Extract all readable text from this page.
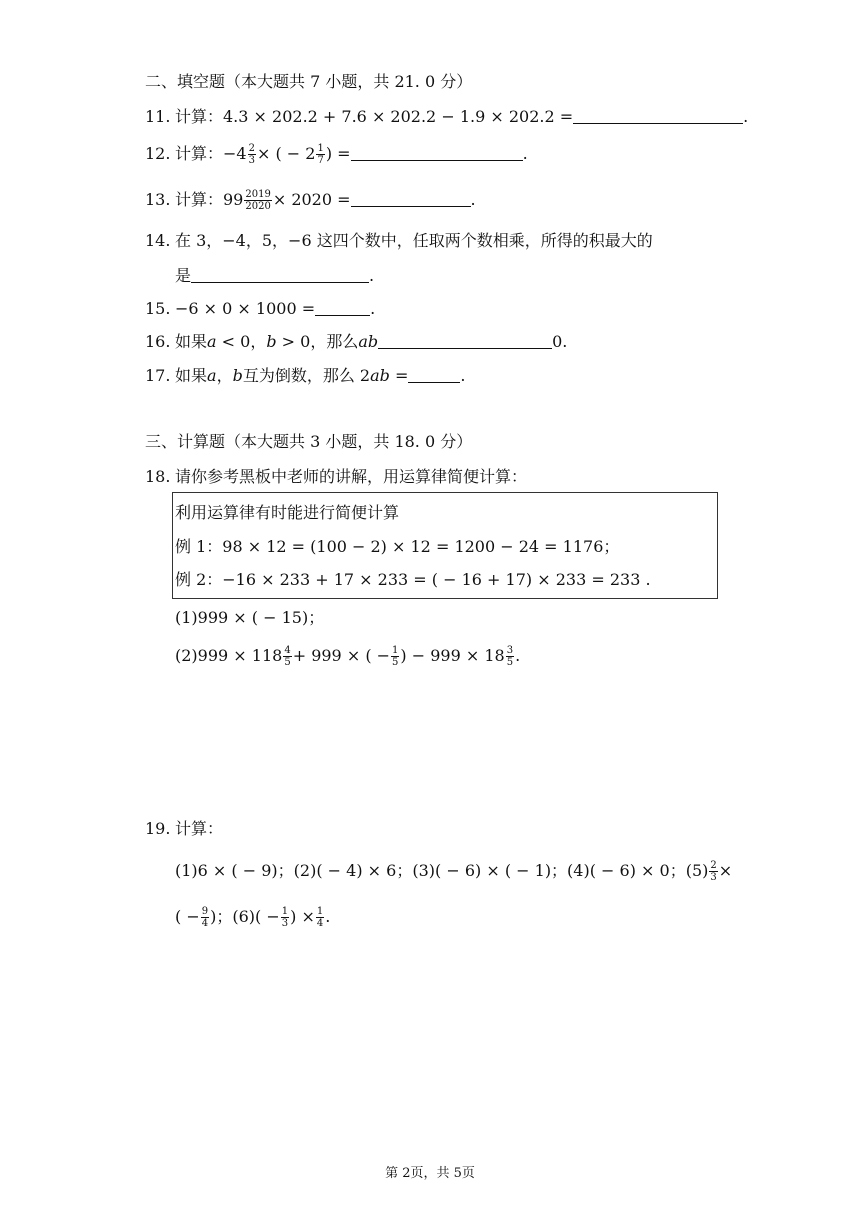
二、填空题（本大题共 7 小题，共 21. 0 分）
11. 计算：4.3 × 202.2 + 7.6 × 202.2 − 1.9 × 202.2 =	.
12. 计算：$-4 \frac{2}{3}$ × ( − $2 \frac{1}{7}$ ) =	.
13. 计算：$99 \frac{2019}{2020} \times 2020$ =	.
14. 在 3，−4，5，−6 这四个数中，任取两个数相乘，所得的积最大的
是	.
15. −6 × 0 × 1000 =	.
16. 如果a < 0，b > 0，那么ab	0.
17. 如果a，b互为倒数，那么 2ab =	.
三、计算题（本大题共 3 小题，共 18. 0 分）
18. 请你参考黑板中老师的讲解，用运算律简便计算：
利用运算律有时能进行简便计算
例 1：98 × 12 = (100 − 2) × 12 = 1200 − 24 = 1176；
例 2：−16 × 233 + 17 × 233 = ( − 16 + 17) × 233 = 233 .
(1)999 × ( − 15)；
$(2)999 \times 118 \frac{4}{5} + 999$ × ( − $\frac{1}{5}$ ) − $999 \times 18 \frac{3}{5}$ .
19. 计算：
(1)6 × ( − 9)；(2)( − 4) × 6；(3)( − 6) × ( − 1)；(4)( − 6) × 0；$(5) \frac{2}{3}$ ×
( − $\frac{9}{4}$ )；$(6)( - \frac{1}{3}$ ) × $\frac{1}{4}$ .
第 2页，共 5页
